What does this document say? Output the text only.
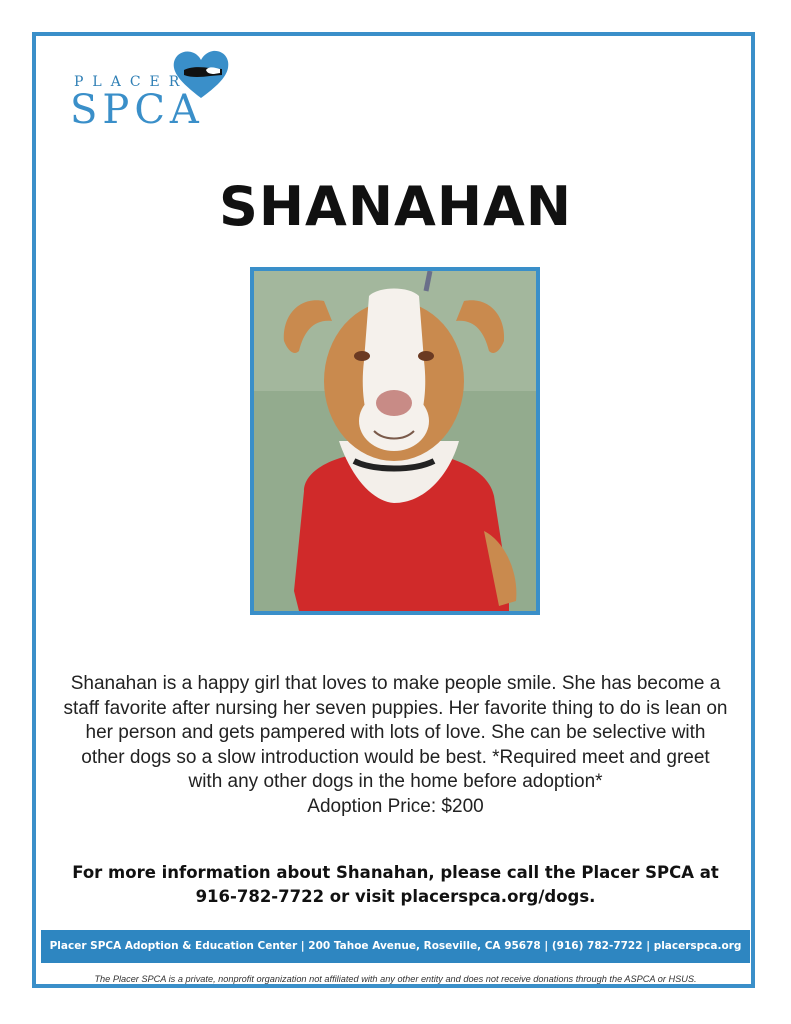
PLACER
SPCA
SHANAHAN
Shanahan is a happy girl that loves to make people smile. She has become a staff favorite after nursing her seven puppies. Her favorite thing to do is lean on her person and gets pampered with lots of love. She can be selective with other dogs so a slow introduction would be best. *Required meet and greet with any other dogs in the home before adoption*
Adoption Price: $200
For more information about Shanahan, please call the Placer SPCA at
916-782-7722 or visit placerspca.org/dogs.
Placer SPCA Adoption & Education Center | 200 Tahoe Avenue, Roseville, CA 95678 | (916) 782-7722 | placerspca.org
The Placer SPCA is a private, nonprofit organization not affiliated with any other entity and does not receive donations through the ASPCA or HSUS.
